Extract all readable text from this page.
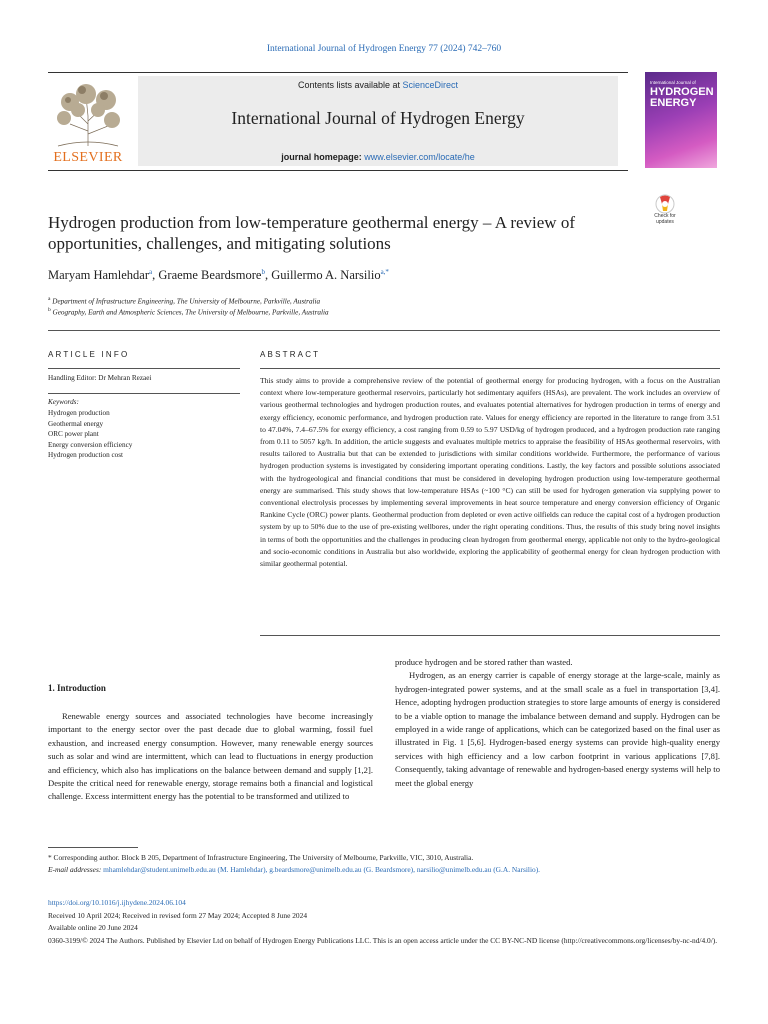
International Journal of Hydrogen Energy 77 (2024) 742–760
ELSEVIER
Contents lists available at ScienceDirect
International Journal of Hydrogen Energy
journal homepage: www.elsevier.com/locate/he
International Journal of
HYDROGEN ENERGY
Check for updates
Hydrogen production from low-temperature geothermal energy – A review of opportunities, challenges, and mitigating solutions
Maryam Hamlehdar$^a$, Graeme Beardsmore$^b$, Guillermo A. Narsilio$^{a,*}$
$^a$ Department of Infrastructure Engineering, The University of Melbourne, Parkville, Australia
$^b$ Geography, Earth and Atmospheric Sciences, The University of Melbourne, Parkville, Australia
ARTICLE INFO	ABSTRACT
Handling Editor: Dr Mehran Rezaei
Keywords:
Hydrogen production
Geothermal energy
ORC power plant
Energy conversion efficiency
Hydrogen production cost
This study aims to provide a comprehensive review of the potential of geothermal energy for producing hydrogen, with a focus on the Australian context where low-temperature geothermal reservoirs, particularly hot sedimentary aquifers (HSAs), are prevalent. The work includes an overview of various geothermal technologies and hydrogen production routes, and evaluates potential alternatives for hydrogen production in terms of energy and exergy efficiency, economic performance, and hydrogen production rate. Values for energy efficiency are reported in the literature to range from 3.51 to 47.04%, 7.4–67.5% for exergy efficiency, a cost ranging from 0.59 to 5.97 USD/kg of hydrogen produced, and a hydrogen production rate ranging from 0.11 to 5057 kg/h. In addition, the article suggests and evaluates multiple metrics to appraise the feasibility of HSAs geothermal reservoirs, with results tailored to Australia but that can be extended to jurisdictions with similar conditions worldwide. Furthermore, the performance of various hydrogen production systems is investigated by considering important operating conditions. Lastly, the key factors and possible solutions associated with the hydrogeological and financial conditions that must be considered in developing hydrogen production using low-temperature geothermal energy are summarised. This study shows that low-temperature HSAs (~100 °C) can still be used for hydrogen generation via supplying power to conventional electrolysis processes by implementing several improvements in heat source temperature and energy conversion efficiency of Organic Rankine Cycle (ORC) power plants. Geothermal production from depleted or even active oilfields can reduce the capital cost of a hydrogen production system by up to 50% due to the use of pre-existing wellbores, under the right operating conditions. Thus, the results of this study bring novel insights in terms of both the opportunities and the challenges in producing clean hydrogen from geothermal energy, applicable not only to the hydro-geological and socio-economic conditions in Australia but also worldwide, exploring the applicability of geothermal energy for clean hydrogen production with similar geothermal potential.
1. Introduction

Renewable energy sources and associated technologies have become increasingly important to the energy sector over the past decade due to global warming, fossil fuel exhaustion, and increased energy consumption. However, many renewable energy sources such as solar and wind are intermittent, which can lead to fluctuations in energy production and efficiency, which also has implications on the balance between demand and supply [1,2]. Despite the critical need for renewable energy, storage remains both a financial and logistical challenge. Excess intermittent energy has the potential to be transformed and utilized to

produce hydrogen and be stored rather than wasted.

Hydrogen, as an energy carrier is capable of energy storage at the large-scale, mainly as hydrogen-integrated power systems, and at the small scale as a fuel in transportation [3,4]. Hence, adopting hydrogen production strategies to store large amounts of energy is considered to be a viable option to manage the imbalance between demand and supply. Hydrogen can be employed in a wide range of applications, which can be categorized based on the final user as illustrated in Fig. 1 [5,6]. Hydrogen-based energy systems can provide high-quality energy services with high efficiency and a low carbon footprint in various applications [7,8]. Consequently, taking advantage of renewable and hydrogen-based energy systems will help to meet the global energy

* Corresponding author. Block B 205, Department of Infrastructure Engineering, The University of Melbourne, Parkville, VIC, 3010, Australia.
E-mail addresses: mhamlehdar@student.unimelb.edu.au (M. Hamlehdar), g.beardsmore@unimelb.edu.au (G. Beardsmore), narsilio@unimelb.edu.au (G.A. Narsilio).
https://doi.org/10.1016/j.ijhydene.2024.06.104
Received 10 April 2024; Received in revised form 27 May 2024; Accepted 8 June 2024
Available online 20 June 2024
0360-3199/© 2024 The Authors. Published by Elsevier Ltd on behalf of Hydrogen Energy Publications LLC. This is an open access article under the CC BY-NC-ND license (http://creativecommons.org/licenses/by-nc-nd/4.0/).
